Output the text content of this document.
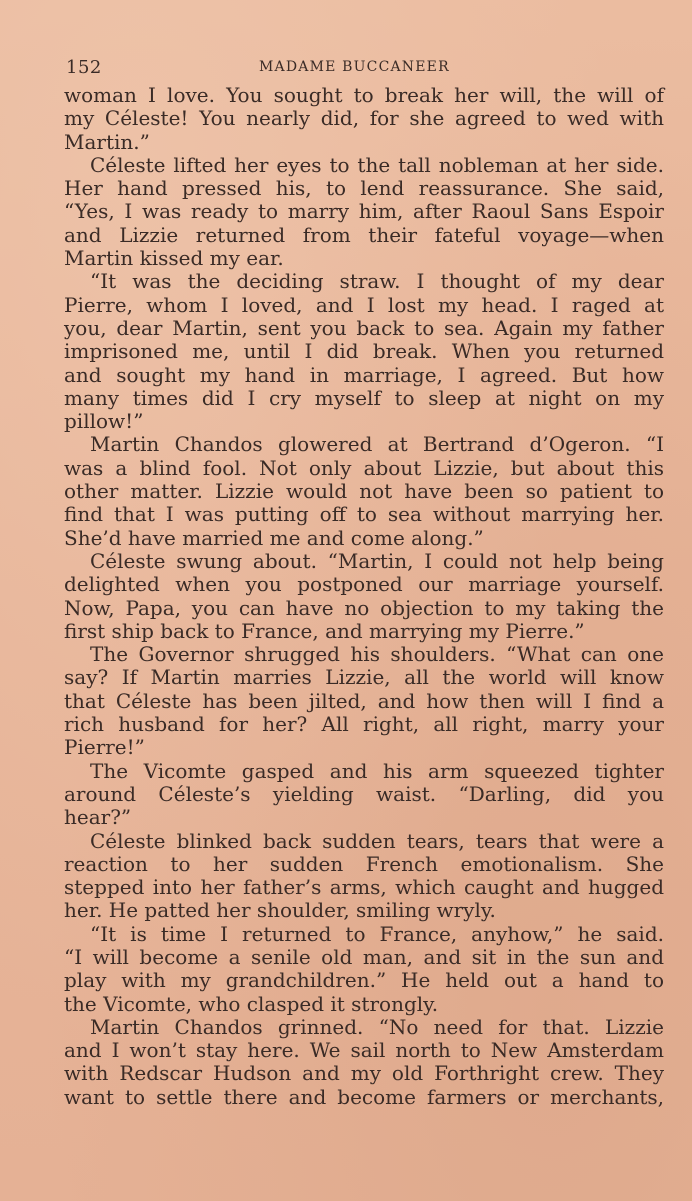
152	MADAME BUCCANEER
woman I love. You sought to break her will, the will of
my Céleste! You nearly did, for she agreed to wed with
Martin.”
Céleste lifted her eyes to the tall nobleman at her side.
Her hand pressed his, to lend reassurance. She said,
“Yes, I was ready to marry him, after Raoul Sans Espoir
and Lizzie returned from their fateful voyage—when
Martin kissed my ear.
“It was the deciding straw. I thought of my dear
Pierre, whom I loved, and I lost my head. I raged at
you, dear Martin, sent you back to sea. Again my father
imprisoned me, until I did break. When you returned
and sought my hand in marriage, I agreed. But how
many times did I cry myself to sleep at night on my
pillow!”
Martin Chandos glowered at Bertrand d’Ogeron. “I
was a blind fool. Not only about Lizzie, but about this
other matter. Lizzie would not have been so patient to
find that I was putting off to sea without marrying her.
She’d have married me and come along.”
Céleste swung about. “Martin, I could not help being
delighted when you postponed our marriage yourself.
Now, Papa, you can have no objection to my taking the
first ship back to France, and marrying my Pierre.”
The Governor shrugged his shoulders. “What can one
say? If Martin marries Lizzie, all the world will know
that Céleste has been jilted, and how then will I find a
rich husband for her? All right, all right, marry your
Pierre!”
The Vicomte gasped and his arm squeezed tighter
around Céleste’s yielding waist. “Darling, did you
hear?”
Céleste blinked back sudden tears, tears that were a
reaction to her sudden French emotionalism. She
stepped into her father’s arms, which caught and hugged
her. He patted her shoulder, smiling wryly.
“It is time I returned to France, anyhow,” he said.
“I will become a senile old man, and sit in the sun and
play with my grandchildren.” He held out a hand to
the Vicomte, who clasped it strongly.
Martin Chandos grinned. “No need for that. Lizzie
and I won’t stay here. We sail north to New Amsterdam
with Redscar Hudson and my old Forthright crew. They
want to settle there and become farmers or merchants,
